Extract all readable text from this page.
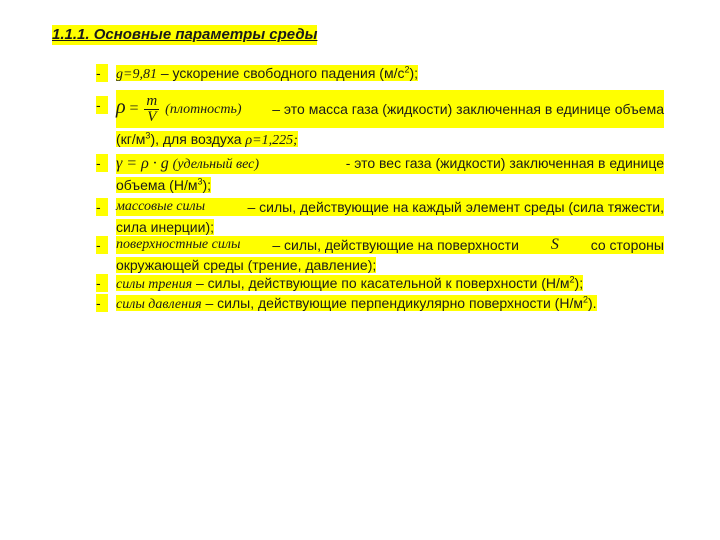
1.1.1. Основные параметры среды
-	g=9,81 – ускорение свободного падения $(м/с^2)$;
- $\rho = \frac{m}{V}$ (плотность) – это масса газа (жидкости) заключенная в единице объема
$(кг/м^3)$, для воздуха ρ=1,225;
- γ = ρ · g (удельный вес)	- это вес газа (жидкости) заключенная в единице
объема $(Н/м^3)$;
-	массовые силы	– силы, действующие на каждый элемент среды (сила тяжести,
сила инерции);
-	поверхностные силы – силы, действующие на поверхности S со стороны
окружающей среды (трение, давление);
-	силы трения – силы, действующие по касательной к поверхности $(Н/м^2)$;
-	силы давления – силы, действующие перпендикулярно поверхности $(Н/м^2)$.
